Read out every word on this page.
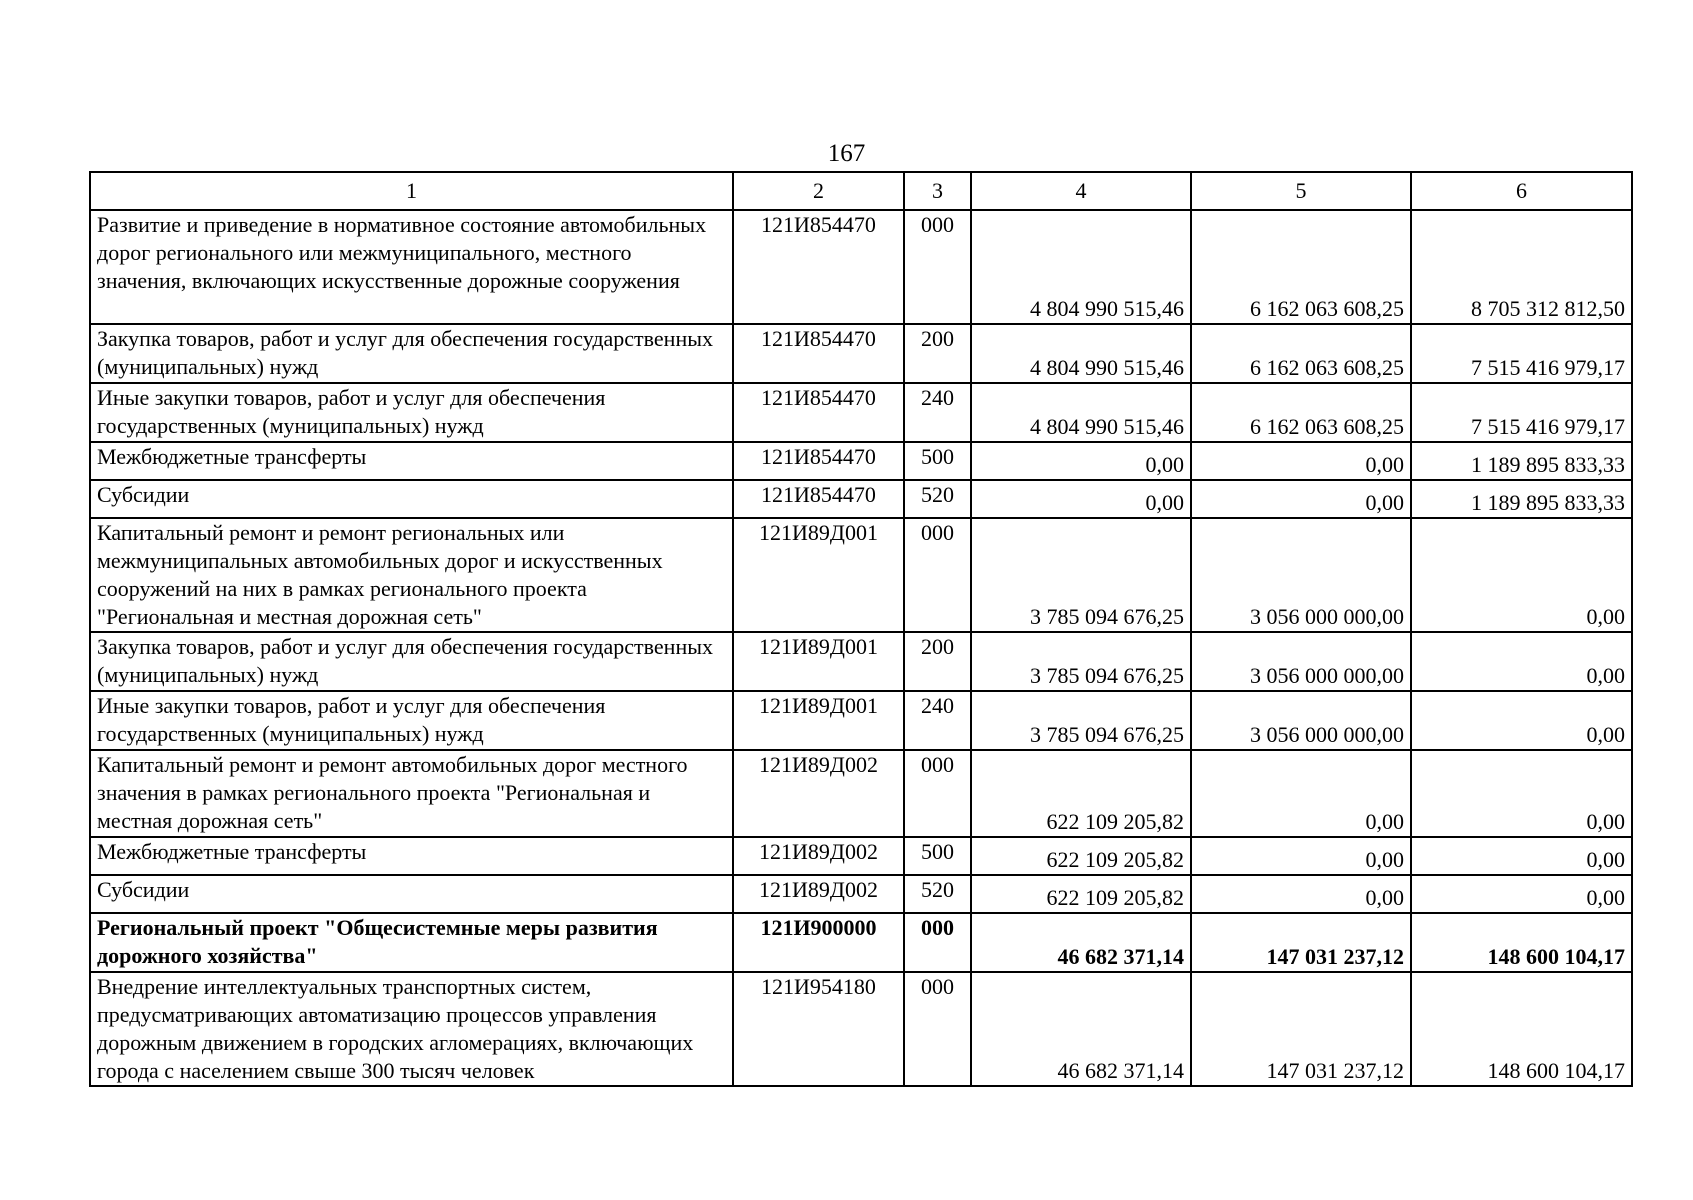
167
1	2	3	4	5	6
Развитие и приведение в нормативное состояние автомобильных дорог регионального или межмуниципального, местного значения, включающих искусственные дорожные сооружения	121И854470	000	4 804 990 515,46	6 162 063 608,25	8 705 312 812,50
Закупка товаров, работ и услуг для обеспечения государственных (муниципальных) нужд	121И854470	200	4 804 990 515,46	6 162 063 608,25	7 515 416 979,17
Иные закупки товаров, работ и услуг для обеспечения государственных (муниципальных) нужд	121И854470	240	4 804 990 515,46	6 162 063 608,25	7 515 416 979,17
Межбюджетные трансферты	121И854470	500	0,00	0,00	1 189 895 833,33
Субсидии	121И854470	520	0,00	0,00	1 189 895 833,33
Капитальный ремонт и ремонт региональных или межмуниципальных автомобильных дорог и искусственных сооружений на них в рамках регионального проекта "Региональная и местная дорожная сеть"	121И89Д001	000	3 785 094 676,25	3 056 000 000,00	0,00
Закупка товаров, работ и услуг для обеспечения государственных (муниципальных) нужд	121И89Д001	200	3 785 094 676,25	3 056 000 000,00	0,00
Иные закупки товаров, работ и услуг для обеспечения государственных (муниципальных) нужд	121И89Д001	240	3 785 094 676,25	3 056 000 000,00	0,00
Капитальный ремонт и ремонт автомобильных дорог местного значения в рамках регионального проекта "Региональная и местная дорожная сеть"	121И89Д002	000	622 109 205,82	0,00	0,00
Межбюджетные трансферты	121И89Д002	500	622 109 205,82	0,00	0,00
Субсидии	121И89Д002	520	622 109 205,82	0,00	0,00
Региональный проект "Общесистемные меры развития дорожного хозяйства"	121И900000	000	46 682 371,14	147 031 237,12	148 600 104,17
Внедрение интеллектуальных транспортных систем, предусматривающих автоматизацию процессов управления дорожным движением в городских агломерациях, включающих города с населением свыше 300 тысяч человек	121И954180	000	46 682 371,14	147 031 237,12	148 600 104,17
